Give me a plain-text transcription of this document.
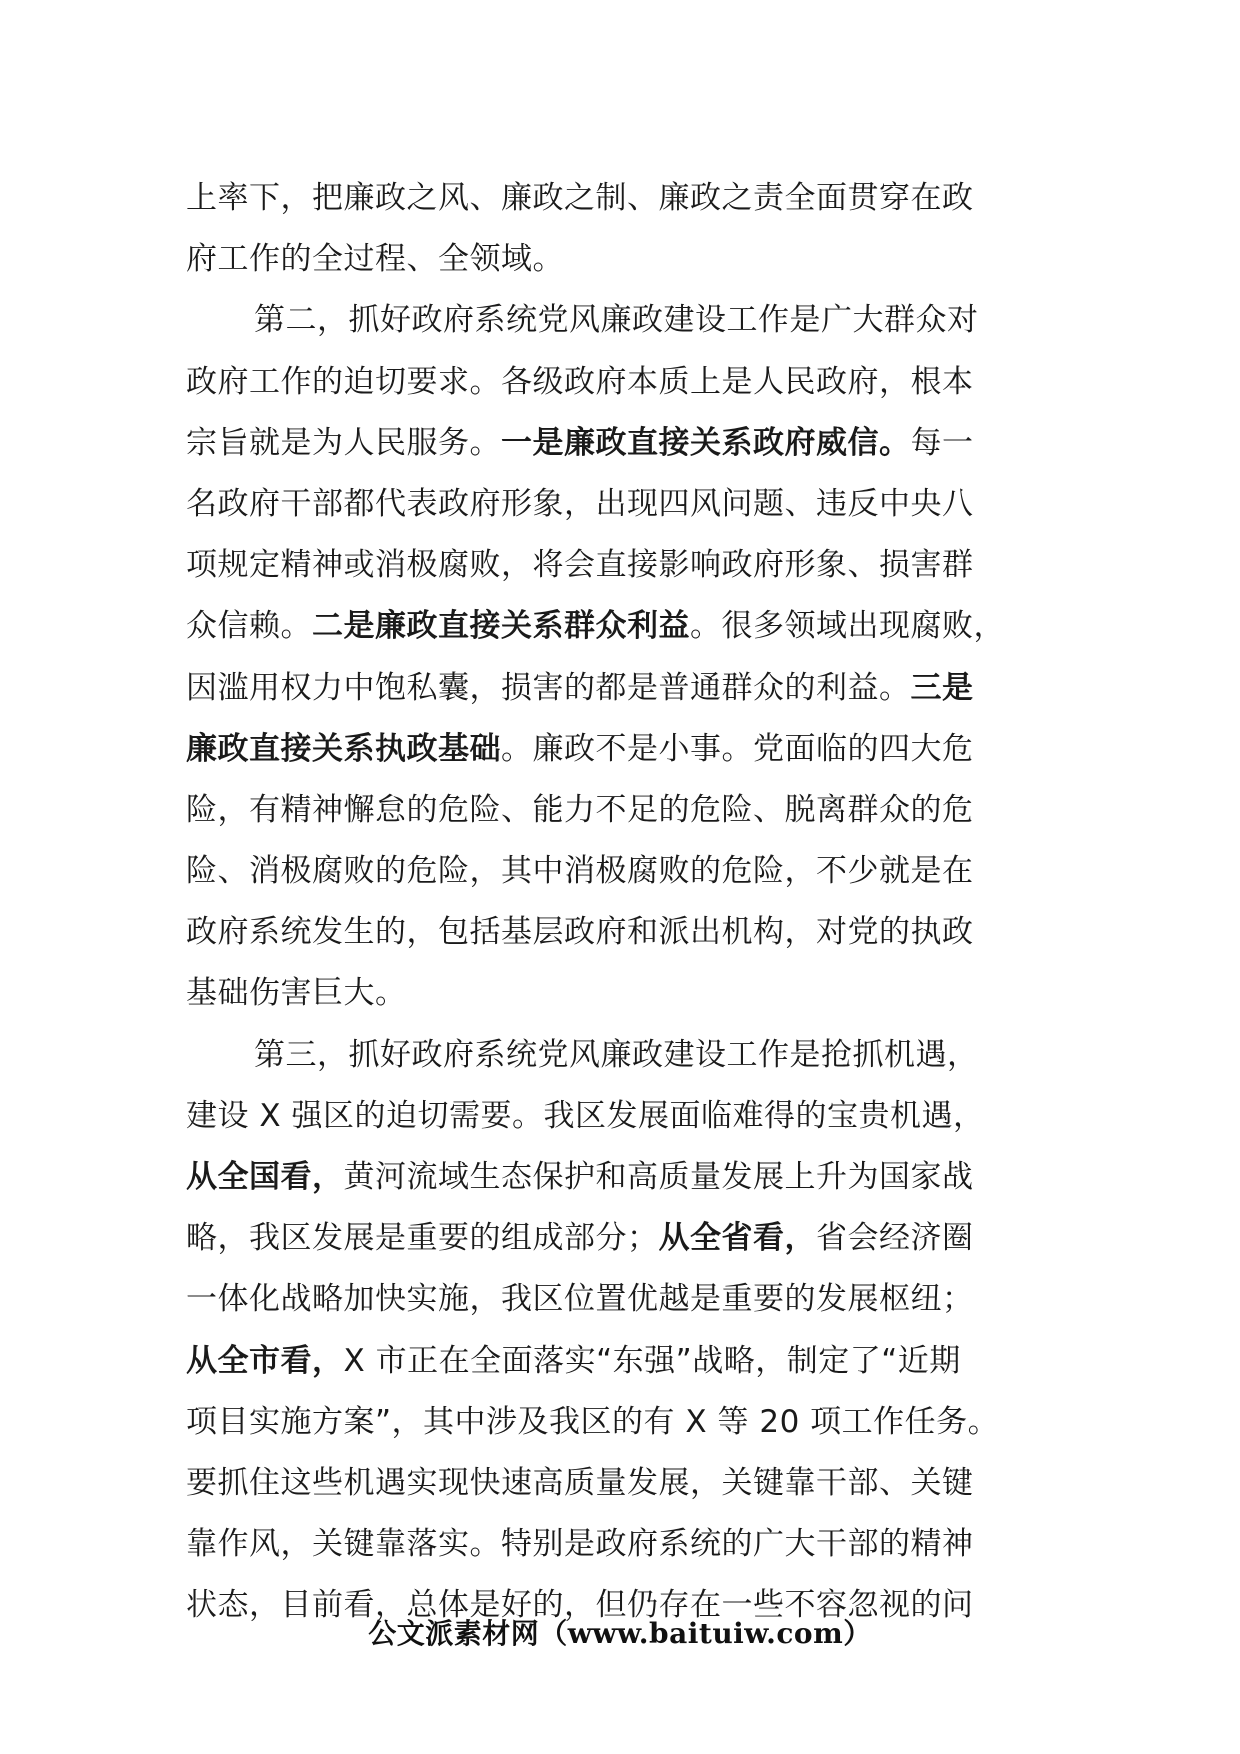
上率下，把廉政之风、廉政之制、廉政之责全面贯穿在政
府工作的全过程、全领域。
第二，抓好政府系统党风廉政建设工作是广大群众对
政府工作的迫切要求。各级政府本质上是人民政府，根本
宗旨就是为人民服务。一是廉政直接关系政府威信。每一
名政府干部都代表政府形象，出现四风问题、违反中央八
项规定精神或消极腐败，将会直接影响政府形象、损害群
众信赖。二是廉政直接关系群众利益。很多领域出现腐败，
因滥用权力中饱私囊，损害的都是普通群众的利益。三是
廉政直接关系执政基础。廉政不是小事。党面临的四大危
险，有精神懈怠的危险、能力不足的危险、脱离群众的危
险、消极腐败的危险，其中消极腐败的危险，不少就是在
政府系统发生的，包括基层政府和派出机构，对党的执政
基础伤害巨大。
第三，抓好政府系统党风廉政建设工作是抢抓机遇，
建设 X 强区的迫切需要。我区发展面临难得的宝贵机遇，
从全国看，黄河流域生态保护和高质量发展上升为国家战
略，我区发展是重要的组成部分；从全省看，省会经济圈
一体化战略加快实施，我区位置优越是重要的发展枢纽；
从全市看，X 市正在全面落实“东强”战略，制定了“近期
项目实施方案”，其中涉及我区的有 X 等 20 项工作任务。
要抓住这些机遇实现快速高质量发展，关键靠干部、关键
靠作风，关键靠落实。特别是政府系统的广大干部的精神
状态，目前看，总体是好的，但仍存在一些不容忽视的问
公文派素材网（www.baituiw.com）
